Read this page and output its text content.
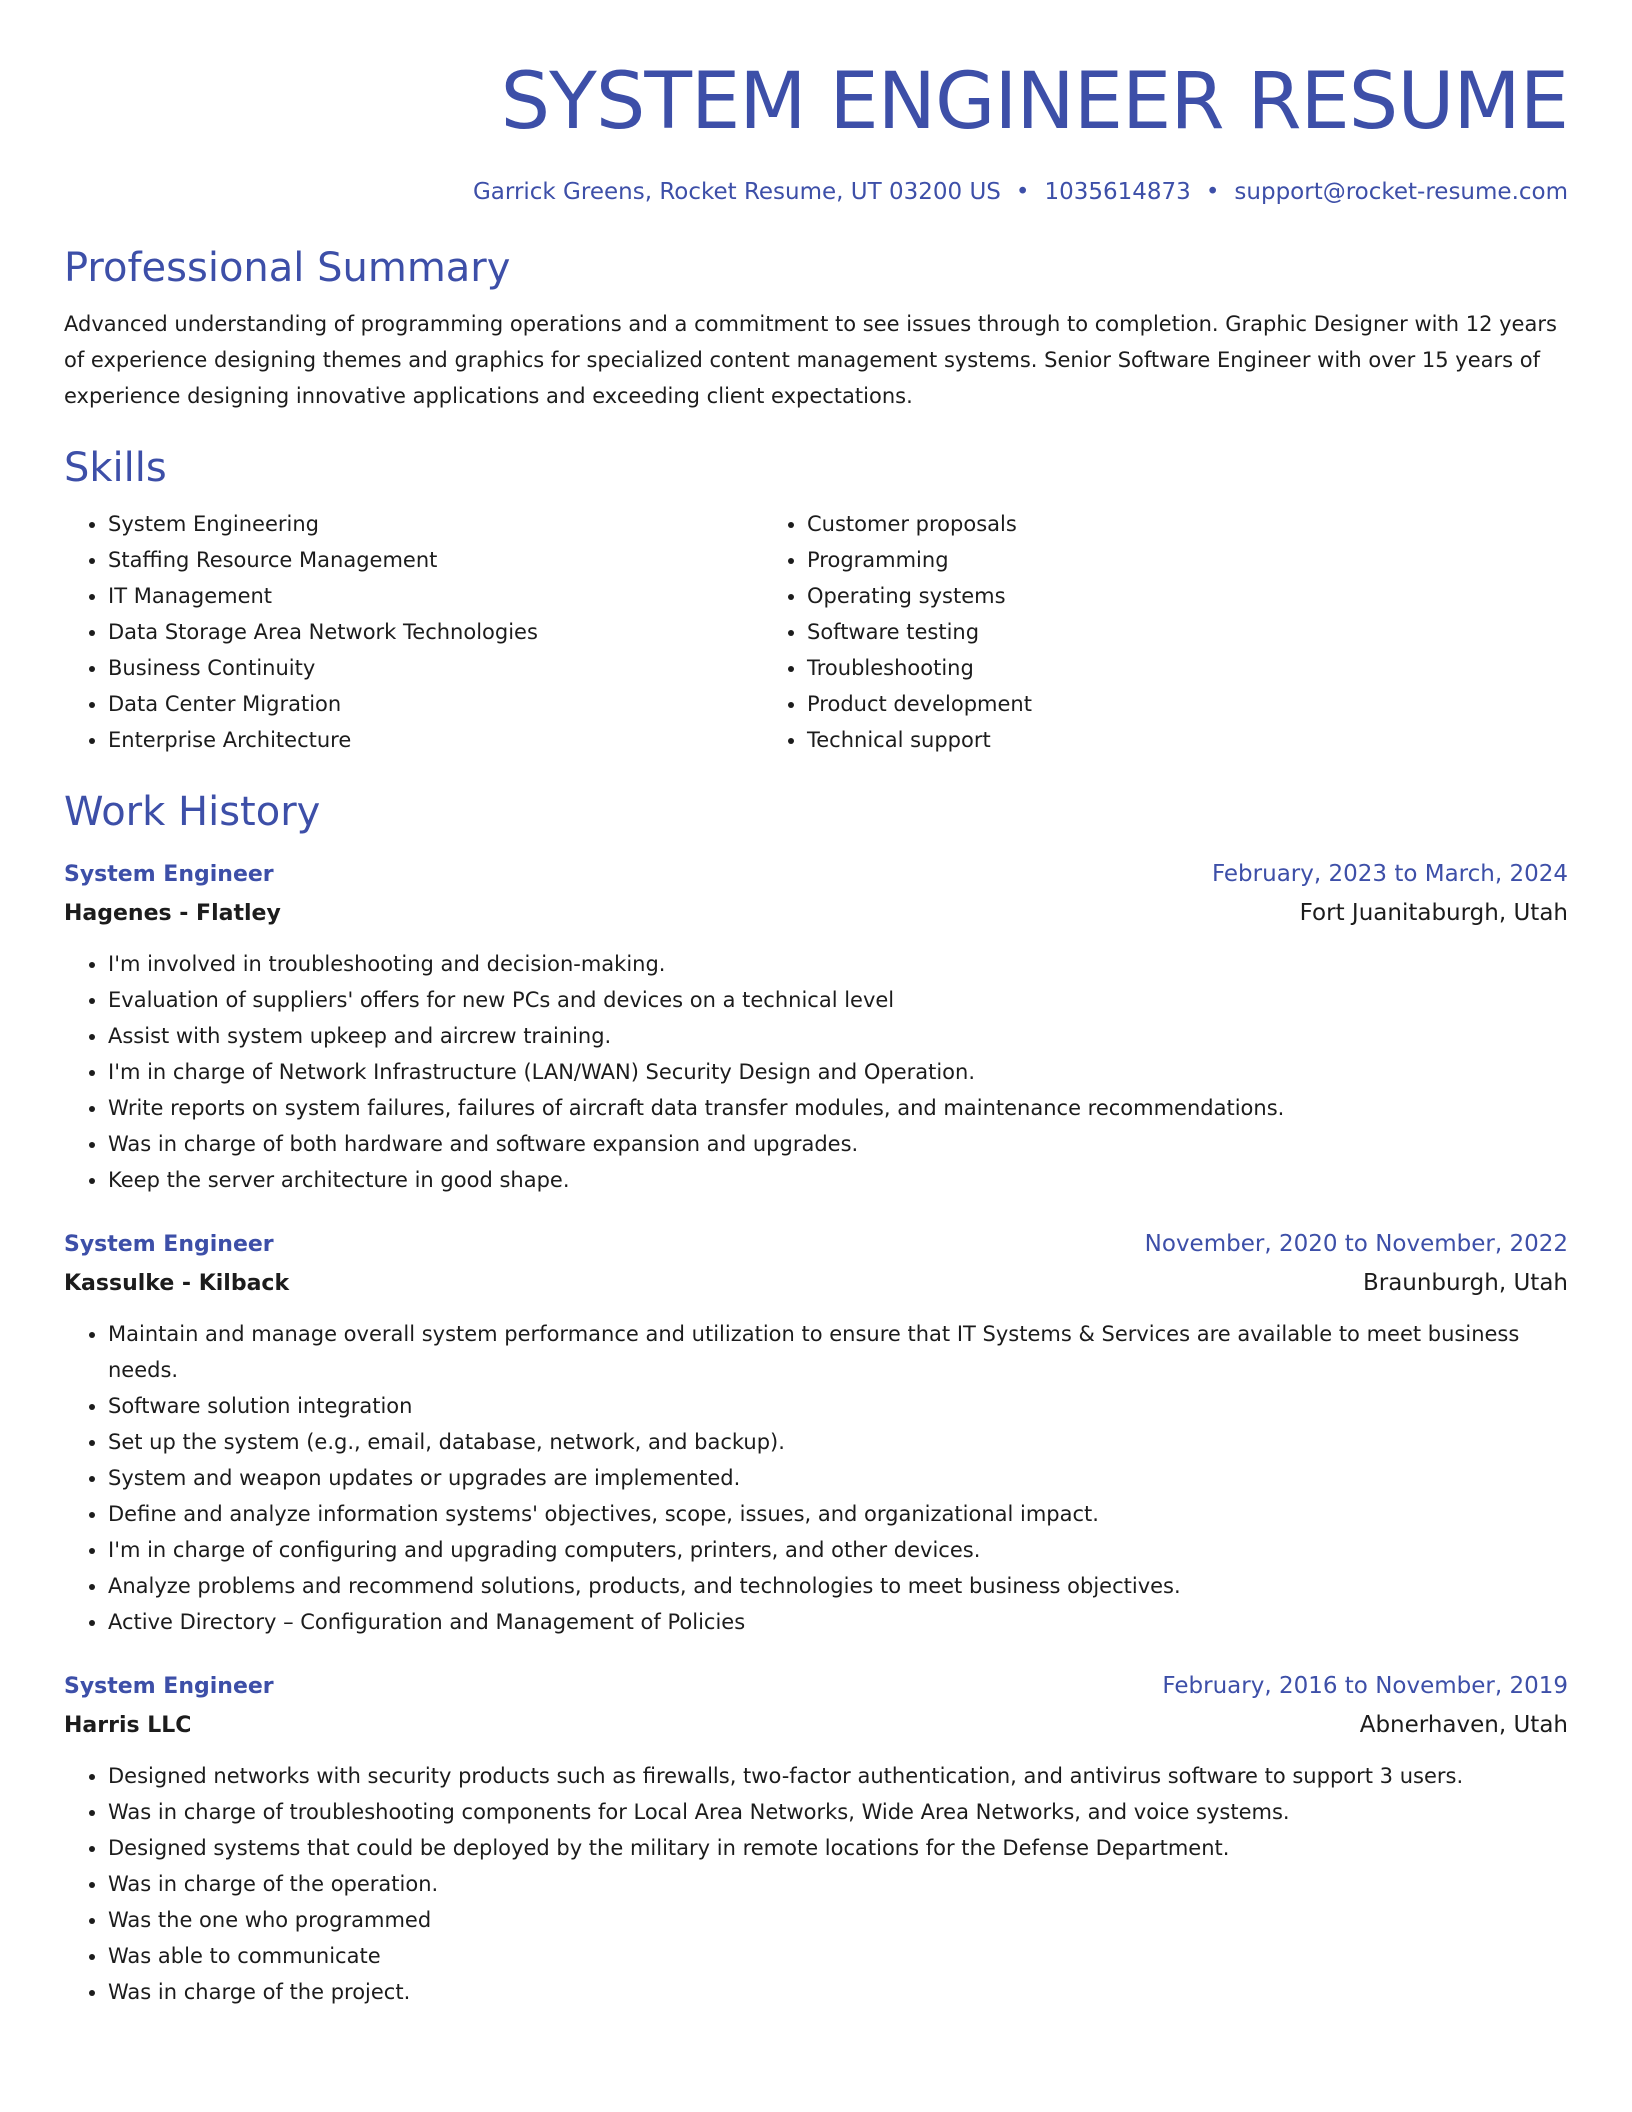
SYSTEM ENGINEER RESUME
Garrick Greens, Rocket Resume, UT 03200 US • 1035614873 • support@rocket-resume.com
Professional Summary

Advanced understanding of programming operations and a commitment to see issues through to completion. Graphic Designer with 12 years of experience designing themes and graphics for specialized content management systems. Senior Software Engineer with over 15 years of experience designing innovative applications and exceeding client expectations.

Skills
• System Engineering
• Staffing Resource Management
• IT Management
• Data Storage Area Network Technologies
• Business Continuity
• Data Center Migration
• Enterprise Architecture
• Customer proposals
• Programming
• Operating systems
• Software testing
• Troubleshooting
• Product development
• Technical support
Work History
System Engineer	February, 2023 to March, 2024
Hagenes - Flatley	Fort Juanitaburgh, Utah
• I'm involved in troubleshooting and decision-making.
• Evaluation of suppliers' offers for new PCs and devices on a technical level
• Assist with system upkeep and aircrew training.
• I'm in charge of Network Infrastructure (LAN/WAN) Security Design and Operation.
• Write reports on system failures, failures of aircraft data transfer modules, and maintenance recommendations.
• Was in charge of both hardware and software expansion and upgrades.
• Keep the server architecture in good shape.
System Engineer	November, 2020 to November, 2022
Kassulke - Kilback	Braunburgh, Utah
• Maintain and manage overall system performance and utilization to ensure that IT Systems & Services are available to meet business needs.
• Software solution integration
• Set up the system (e.g., email, database, network, and backup).
• System and weapon updates or upgrades are implemented.
• Define and analyze information systems' objectives, scope, issues, and organizational impact.
• I'm in charge of configuring and upgrading computers, printers, and other devices.
• Analyze problems and recommend solutions, products, and technologies to meet business objectives.
• Active Directory – Configuration and Management of Policies
System Engineer	February, 2016 to November, 2019
Harris LLC	Abnerhaven, Utah
• Designed networks with security products such as firewalls, two-factor authentication, and antivirus software to support 3 users.
• Was in charge of troubleshooting components for Local Area Networks, Wide Area Networks, and voice systems.
• Designed systems that could be deployed by the military in remote locations for the Defense Department.
• Was in charge of the operation.
• Was the one who programmed
• Was able to communicate
• Was in charge of the project.
